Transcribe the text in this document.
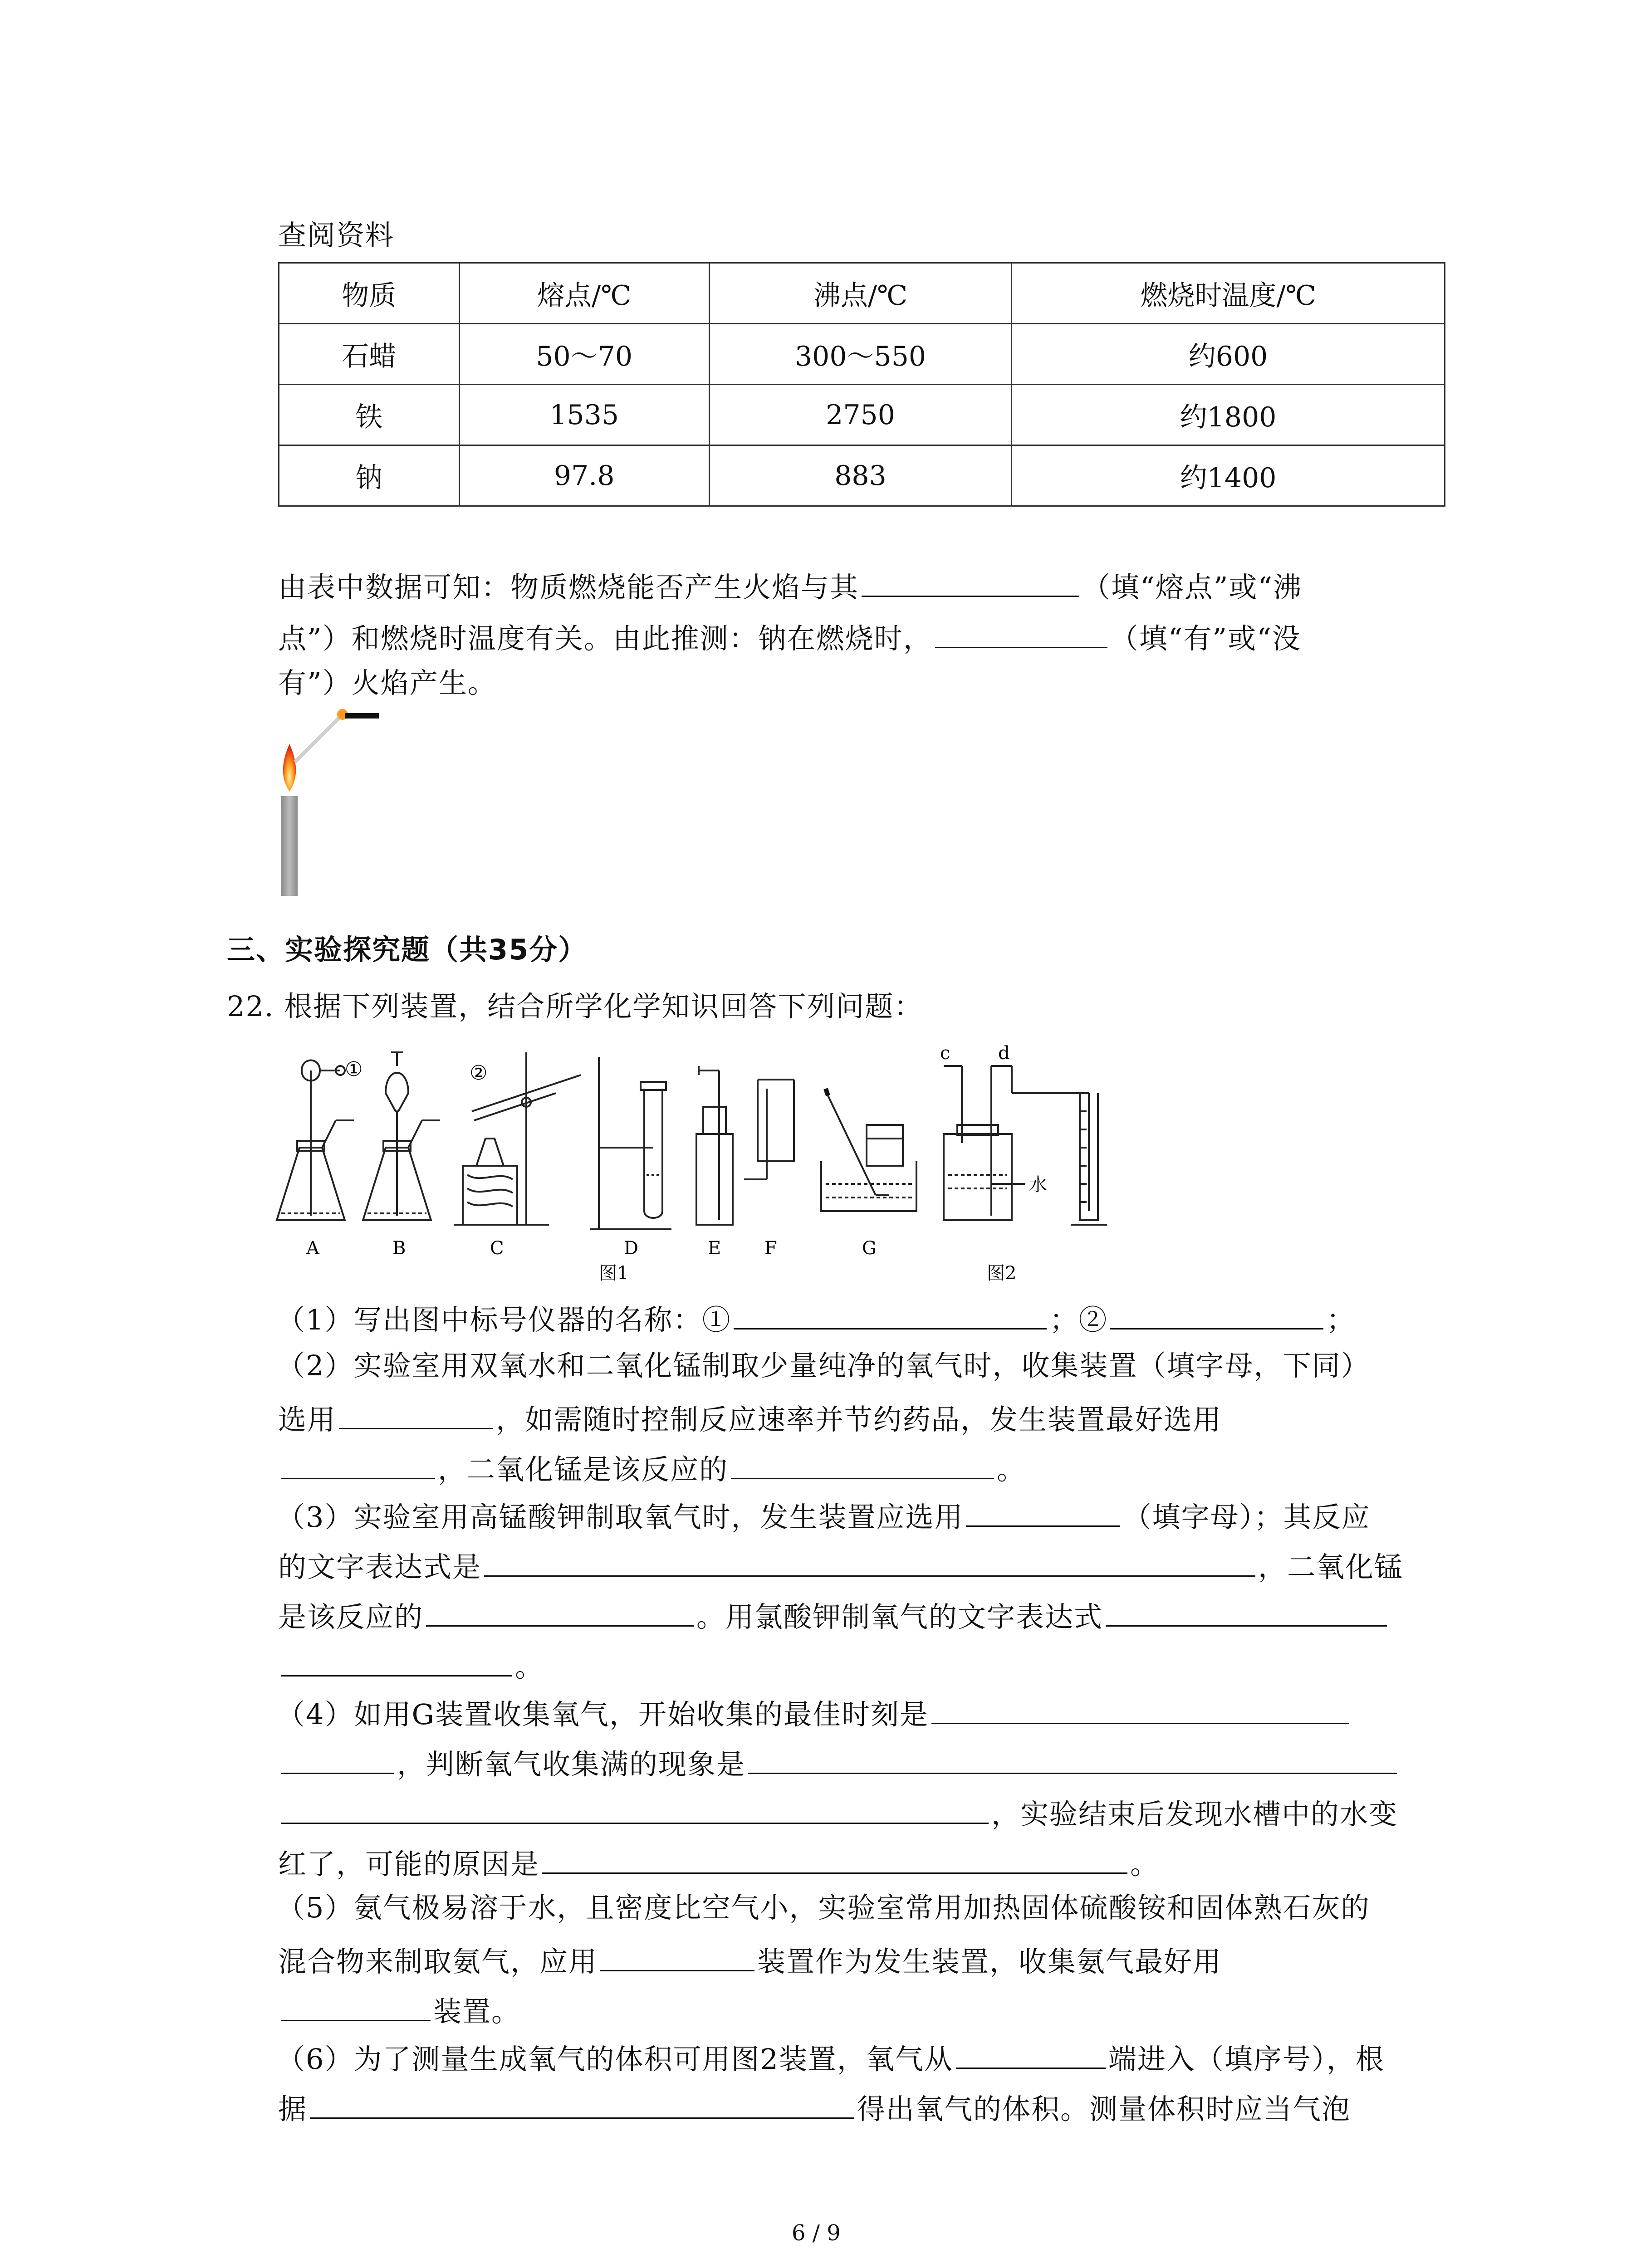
查阅资料
物质	熔点/℃	沸点/℃	燃烧时温度/℃
石蜡	50～70	300～550	约600
铁	1535	2750	约1800
钠	97.8	883	约1400
由表中数据可知：物质燃烧能否产生火焰与其	（填“熔点”或“沸
点”）和燃烧时温度有关。由此推测：钠在燃烧时，	（填“有”或“没
有”）火焰产生。
三、实验探究题（共35分）
22. 根据下列装置，结合所学化学知识回答下列问题：
①	②
c	d
水
A	B	C	D	E F	G
图1	图2
（1）写出图中标号仪器的名称：①	；②	；
（2）实验室用双氧水和二氧化锰制取少量纯净的氧气时，收集装置（填字母，下同）
选用	，如需随时控制反应速率并节约药品，发生装置最好选用
，二氧化锰是该反应的	。
（3）实验室用高锰酸钾制取氧气时，发生装置应选用	（填字母）；其反应
的文字表达式是	，二氧化锰
是该反应的	。用氯酸钾制氧气的文字表达式
。
（4）如用G装置收集氧气，开始收集的最佳时刻是
，判断氧气收集满的现象是
，实验结束后发现水槽中的水变
红了，可能的原因是	。
（5）氨气极易溶于水，且密度比空气小，实验室常用加热固体硫酸铵和固体熟石灰的
混合物来制取氨气，应用	装置作为发生装置，收集氨气最好用
装置。
（6）为了测量生成氧气的体积可用图2装置，氧气从	端进入（填序号），根
据	得出氧气的体积。测量体积时应当气泡
6 / 9
